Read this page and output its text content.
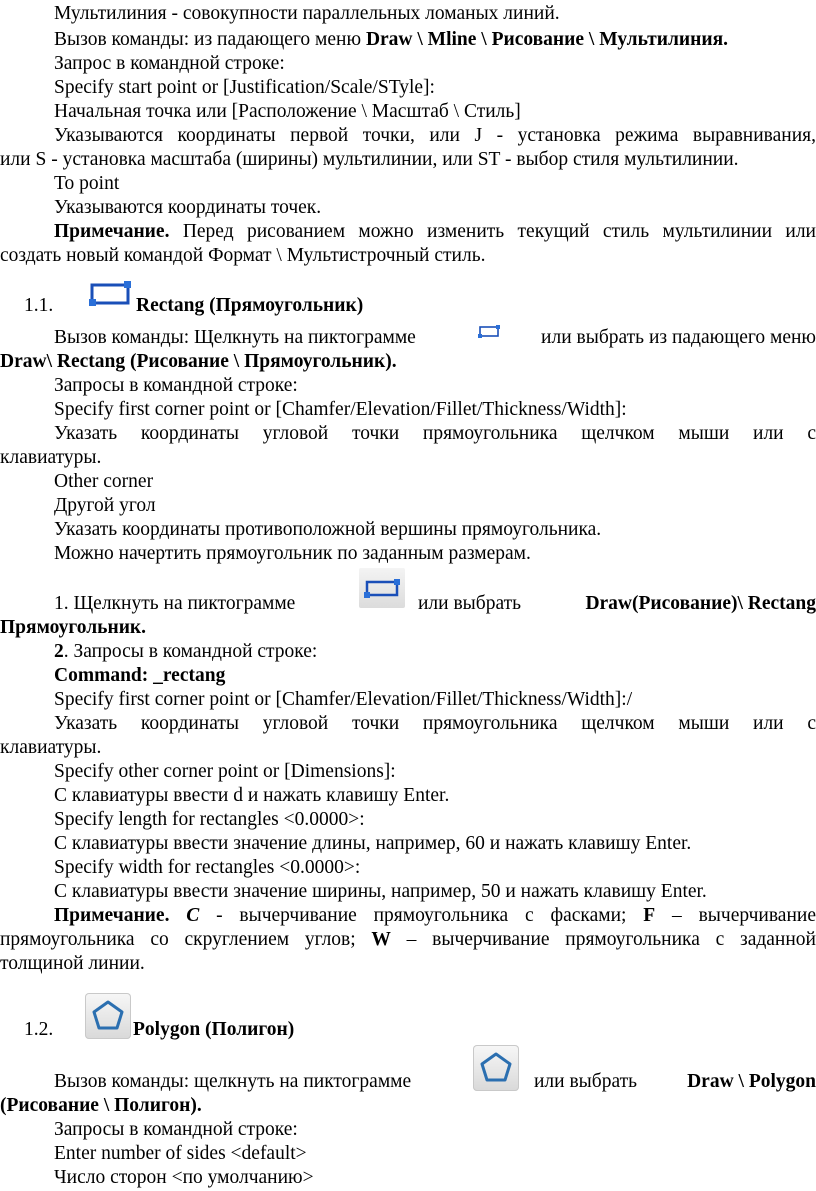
Мультилиния - совокупности параллельных ломаных линий.
Вызов команды: из падающего меню Draw \ Mline \ Рисование \ Мультилиния.
Запрос в командной строке:
Specify start point or [Justification/Scale/STyle]:
Начальная точка или [Расположение \ Масштаб \ Стиль]
Указываются координаты первой точки, или J - установка режима выравнивания,
или S - установка масштаба (ширины) мультилинии, или ST - выбор стиля мультилинии.
To point
Указываются координаты точек.
Примечание. Перед рисованием можно изменить текущий стиль мультилинии или
создать новый командой Формат \ Мультистрочный стиль.
1.1.	Rectang (Прямоугольник)
Вызов команды: Щелкнуть на пиктограмме	или выбрать из падающего меню
Draw\ Rectang (Рисование \ Прямоугольник).
Запросы в командной строке:
Specify first corner point or [Chamfer/Elevation/Fillet/Thickness/Width]:
Указать координаты угловой точки прямоугольника щелчком мыши или с
клавиатуры.
Other corner
Другой угол
Указать координаты противоположной вершины прямоугольника.
Можно начертить прямоугольник по заданным размерам.
1. Щелкнуть на пиктограмме	или выбрать	Draw(Рисование)\ Rectang
Прямоугольник.
2. Запросы в командной строке:
Command: _rectang
Specify first corner point or [Chamfer/Elevation/Fillet/Thickness/Width]:/
Указать координаты угловой точки прямоугольника щелчком мыши или с
клавиатуры.
Specify other corner point or [Dimensions]:
С клавиатуры ввести d и нажать клавишу Enter.
Specify length for rectangles <0.0000>:
С клавиатуры ввести значение длины, например, 60 и нажать клавишу Enter.
Specify width for rectangles <0.0000>:
С клавиатуры ввести значение ширины, например, 50 и нажать клавишу Enter.
Примечание. C - вычерчивание прямоугольника с фасками; F – вычерчивание
прямоугольника со скруглением углов; W – вычерчивание прямоугольника с заданной
толщиной линии.
1.2.	Polygon (Полигон)
Вызов команды: щелкнуть на пиктограмме	или выбрать	Draw \ Polygon
(Рисование \ Полигон).
Запросы в командной строке:
Enter number of sides <default>
Число сторон <по умолчанию>
